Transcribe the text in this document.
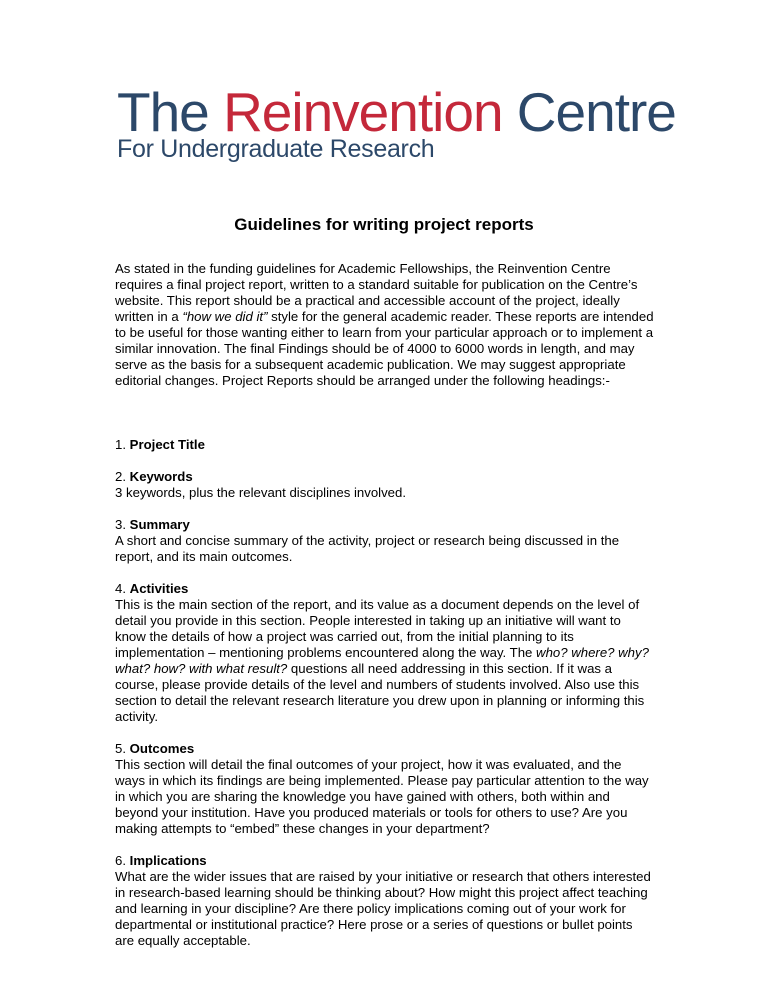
The Reinvention Centre
For Undergraduate Research
Guidelines for writing project reports

As stated in the funding guidelines for Academic Fellowships, the Reinvention Centre requires a final project report, written to a standard suitable for publication on the Centre’s website. This report should be a practical and accessible account of the project, ideally written in a “how we did it” style for the general academic reader. These reports are intended to be useful for those wanting either to learn from your particular approach or to implement a similar innovation. The final Findings should be of 4000 to 6000 words in length, and may serve as the basis for a subsequent academic publication. We may suggest appropriate editorial changes. Project Reports should be arranged under the following headings:-

1. Project Title
2. Keywords

3 keywords, plus the relevant disciplines involved.

3. Summary

A short and concise summary of the activity, project or research being discussed in the report, and its main outcomes.

4. Activities

This is the main section of the report, and its value as a document depends on the level of detail you provide in this section. People interested in taking up an initiative will want to know the details of how a project was carried out, from the initial planning to its implementation – mentioning problems encountered along the way. The who? where? why? what? how? with what result? questions all need addressing in this section. If it was a course, please provide details of the level and numbers of students involved. Also use this section to detail the relevant research literature you drew upon in planning or informing this activity.

5. Outcomes

This section will detail the final outcomes of your project, how it was evaluated, and the ways in which its findings are being implemented. Please pay particular attention to the way in which you are sharing the knowledge you have gained with others, both within and beyond your institution. Have you produced materials or tools for others to use? Are you making attempts to “embed” these changes in your department?

6. Implications

What are the wider issues that are raised by your initiative or research that others interested in research-based learning should be thinking about? How might this project affect teaching and learning in your discipline? Are there policy implications coming out of your work for departmental or institutional practice? Here prose or a series of questions or bullet points are equally acceptable.
